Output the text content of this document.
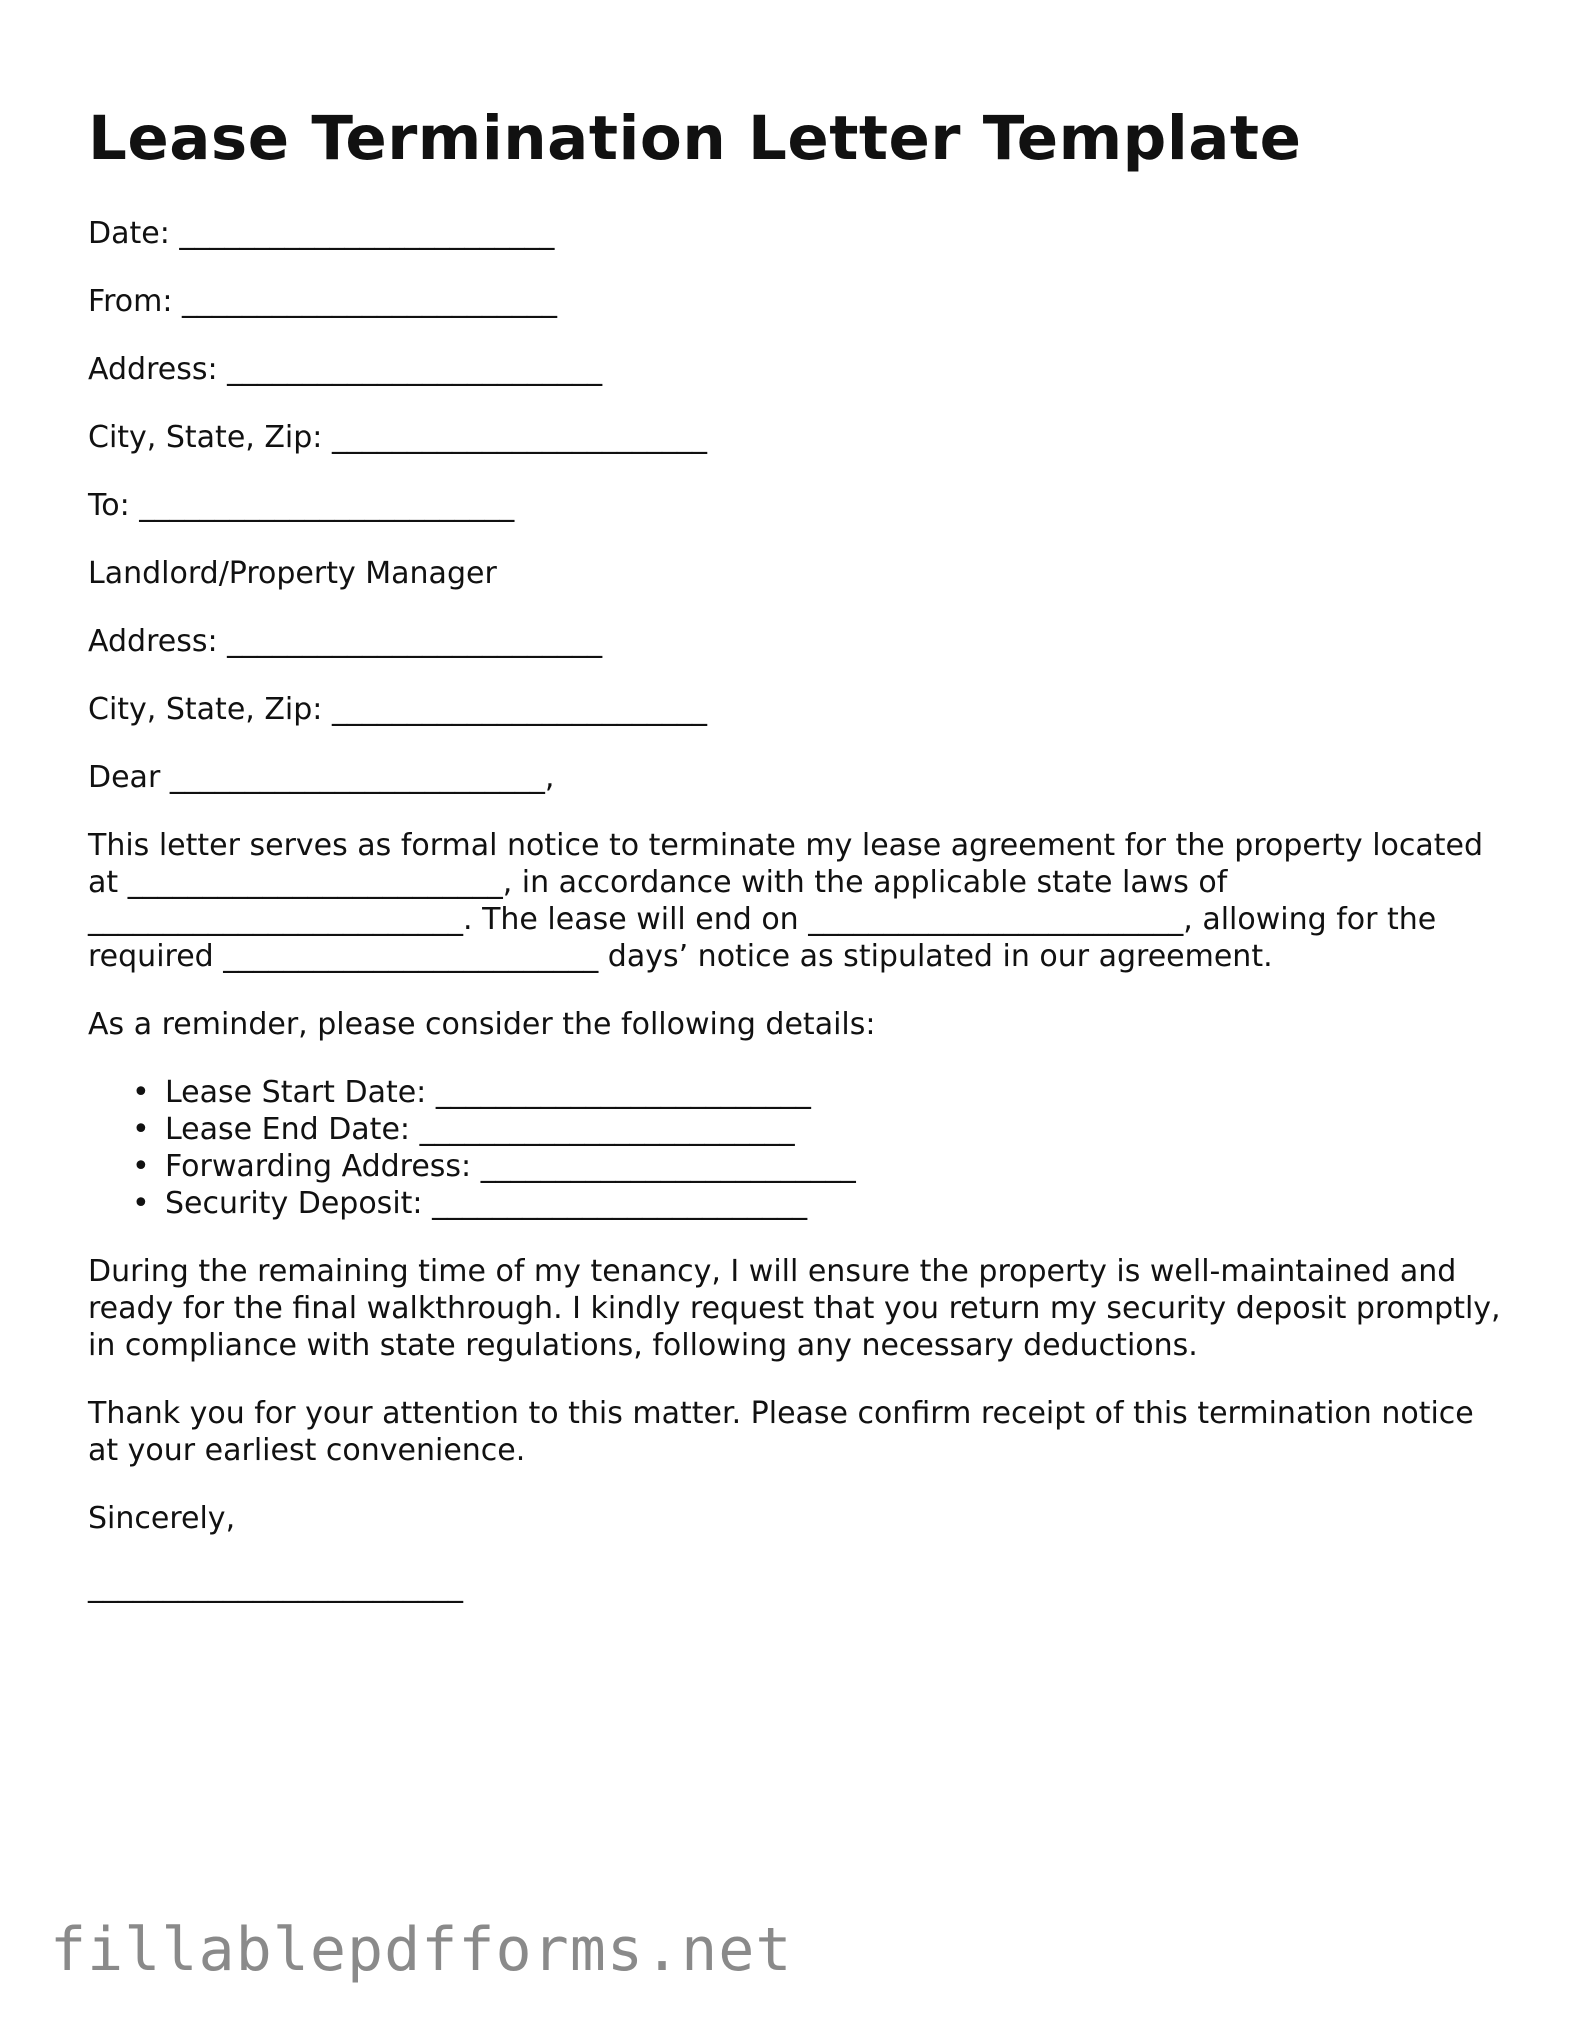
Lease Termination Letter Template
Date: _________________________
From: _________________________
Address: _________________________
City, State, Zip: _________________________
To: _________________________
Landlord/Property Manager
Address: _________________________
City, State, Zip: _________________________
Dear _________________________,

This letter serves as formal notice to terminate my lease agreement for the property located at _________________________, in accordance with the applicable state laws of _________________________. The lease will end on _________________________, allowing for the required _________________________ days’ notice as stipulated in our agreement.

As a reminder, please consider the following details:

• Lease Start Date: _________________________
• Lease End Date: _________________________
• Forwarding Address: _________________________
• Security Deposit: _________________________

During the remaining time of my tenancy, I will ensure the property is well-maintained and ready for the final walkthrough. I kindly request that you return my security deposit promptly, in compliance with state regulations, following any necessary deductions.

Thank you for your attention to this matter. Please confirm receipt of this termination notice at your earliest convenience.

Sincerely,
_________________________
fillablepdfforms.net
